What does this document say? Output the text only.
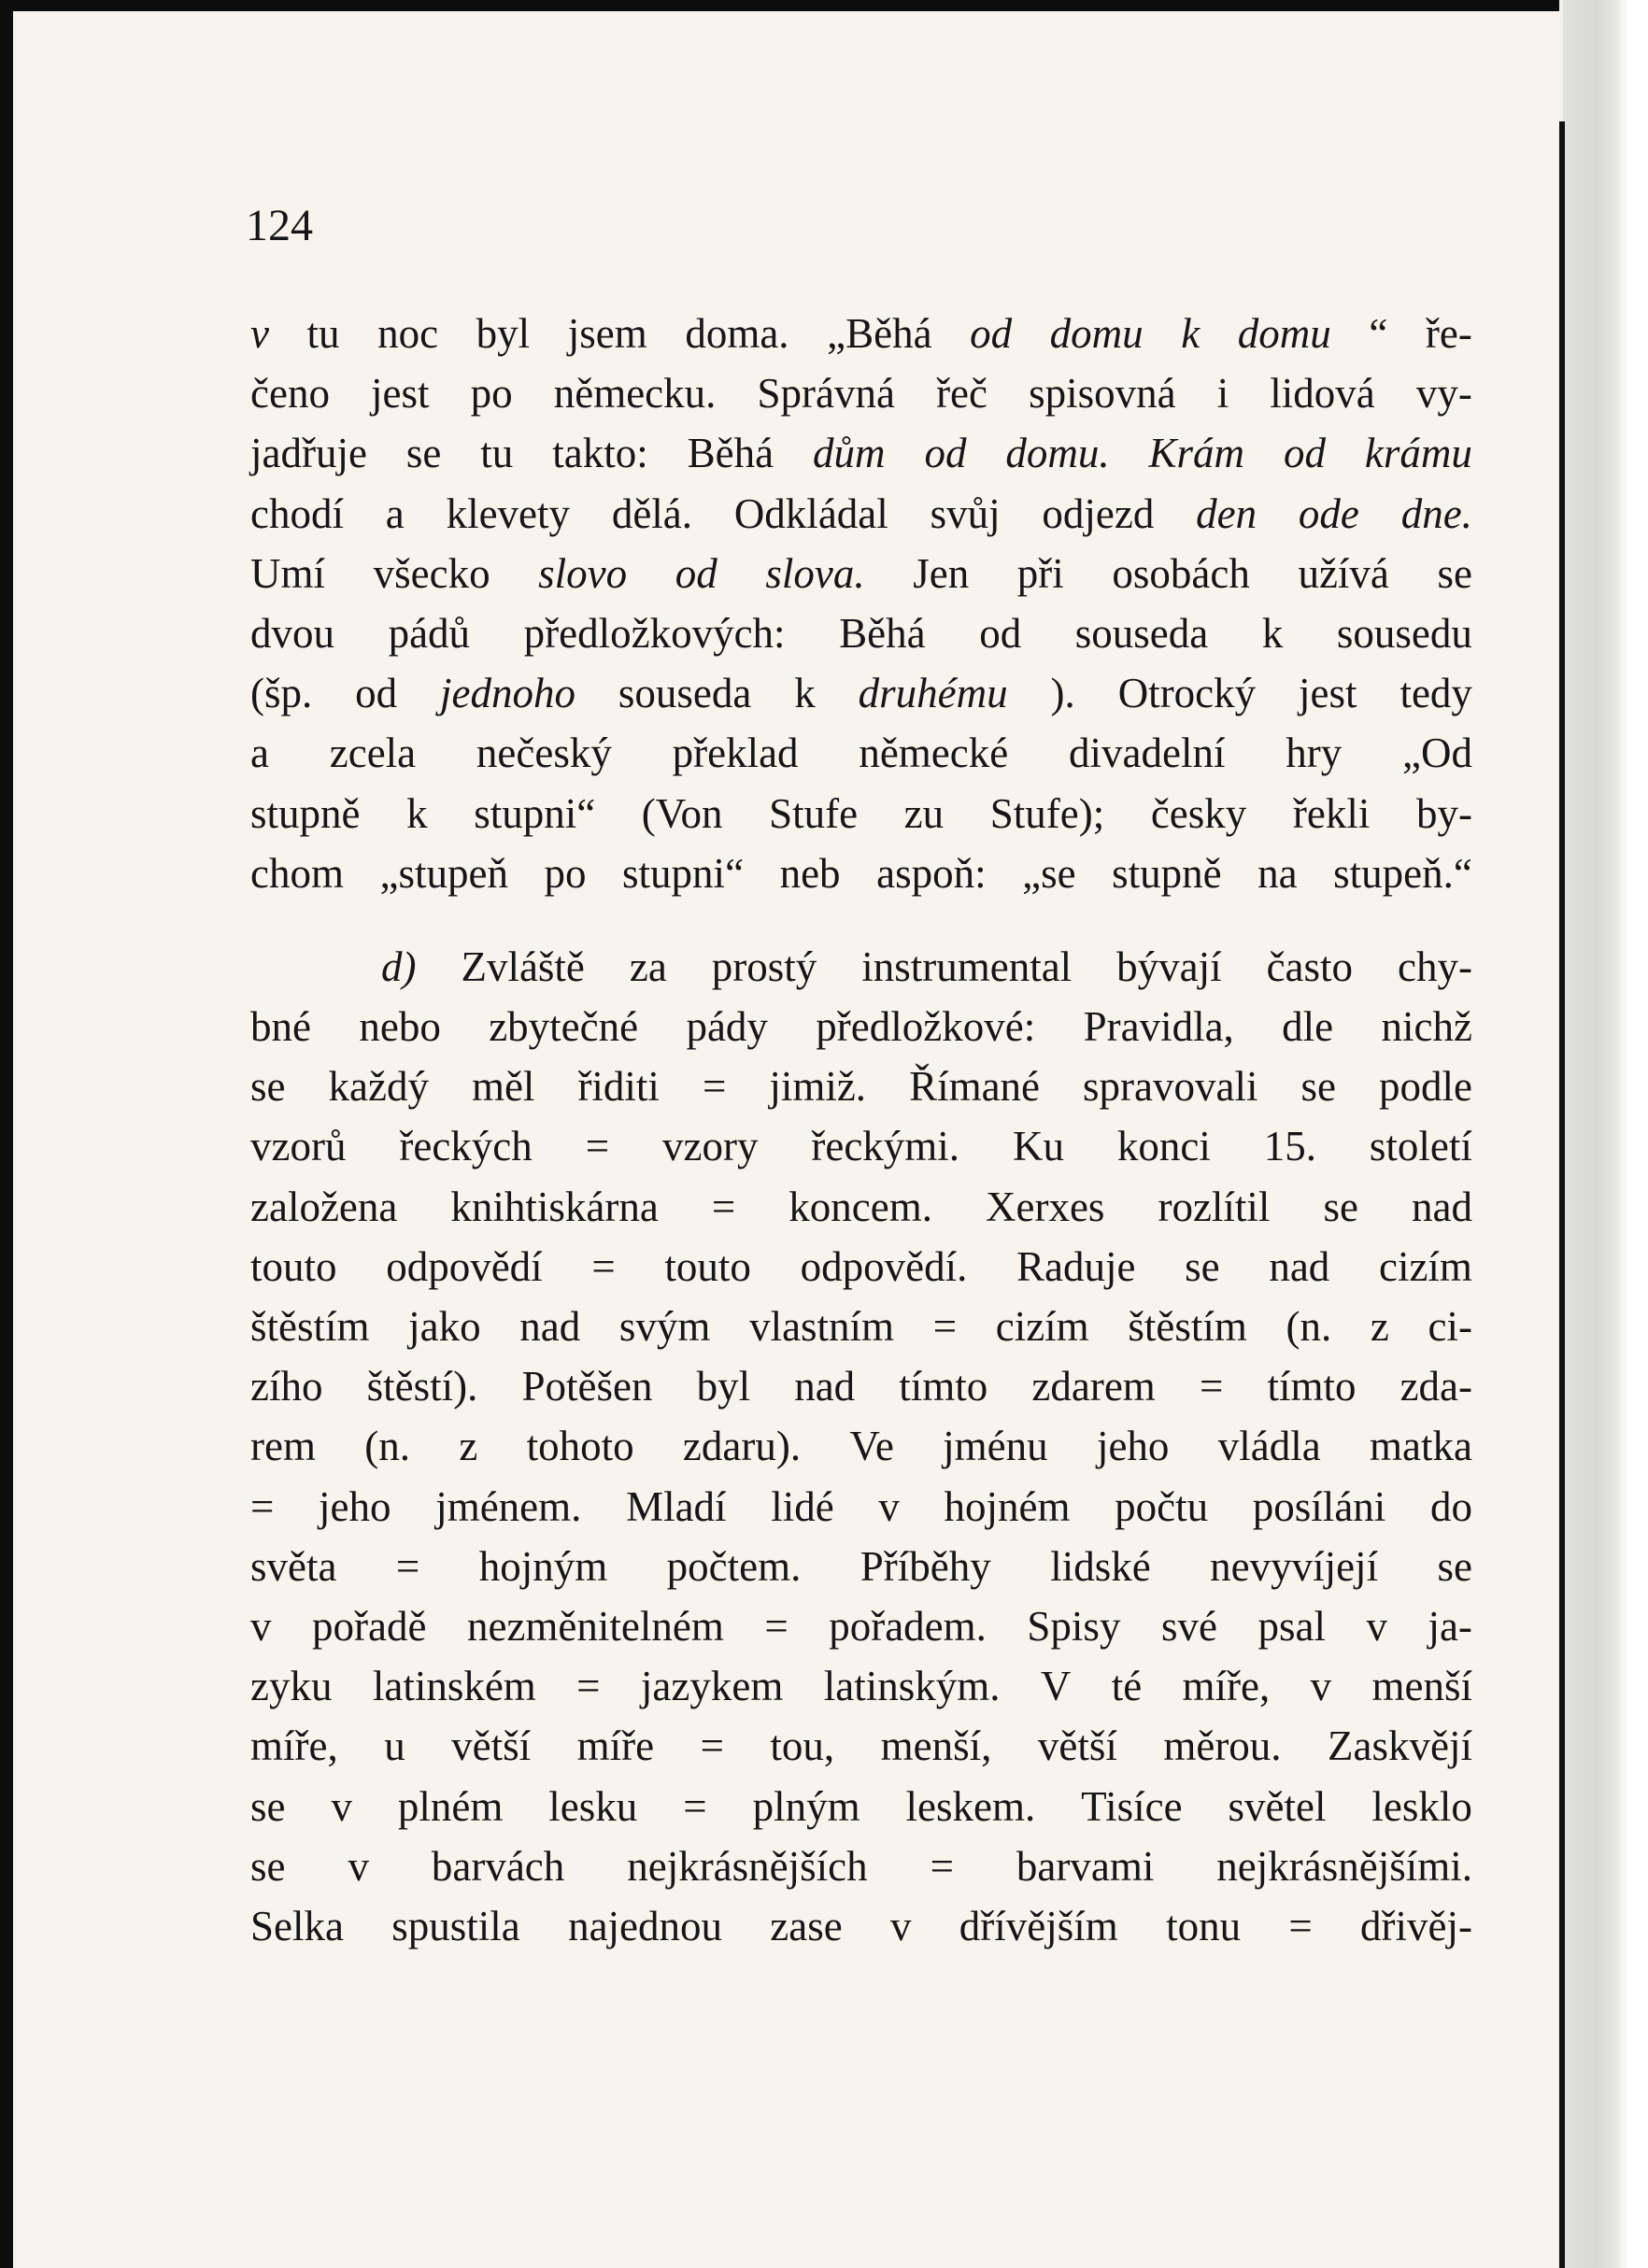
124
v tu noc byl jsem doma. „Běhá od domu k domu “ ře-
čeno jest po německu. Správná řeč spisovná i lidová vy-
jadřuje se tu takto: Běhá dům od domu. Krám od krámu
chodí a klevety dělá. Odkládal svůj odjezd den ode dne.
Umí všecko slovo od slova. Jen při osobách užívá se
dvou pádů předložkových: Běhá od souseda k sousedu
(šp. od jednoho souseda k druhému ). Otrocký jest tedy
a zcela nečeský překlad německé divadelní hry „Od
stupně k stupni“ (Von Stufe zu Stufe); česky řekli by-
chom „stupeň po stupni“ neb aspoň: „se stupně na stupeň.“
d) Zvláště za prostý instrumental bývají často chy-
bné nebo zbytečné pády předložkové: Pravidla, dle nichž
se každý měl řiditi = jimiž. Římané spravovali se podle
vzorů řeckých = vzory řeckými. Ku konci 15. století
založena knihtiskárna = koncem. Xerxes rozlítil se nad
touto odpovědí = touto odpovědí. Raduje se nad cizím
štěstím jako nad svým vlastním = cizím štěstím (n. z ci-
zího štěstí). Potěšen byl nad tímto zdarem = tímto zda-
rem (n. z tohoto zdaru). Ve jménu jeho vládla matka
= jeho jménem. Mladí lidé v hojném počtu posíláni do
světa = hojným počtem. Příběhy lidské nevyvíjejí se
v pořadě nezměnitelném = pořadem. Spisy své psal v ja-
zyku latinském = jazykem latinským. V té míře, v menší
míře, u větší míře = tou, menší, větší měrou. Zaskvějí
se v plném lesku = plným leskem. Tisíce světel lesklo
se v barvách nejkrásnějších = barvami nejkrásnějšími.
Selka spustila najednou zase v dřívějším tonu = dřivěj-
